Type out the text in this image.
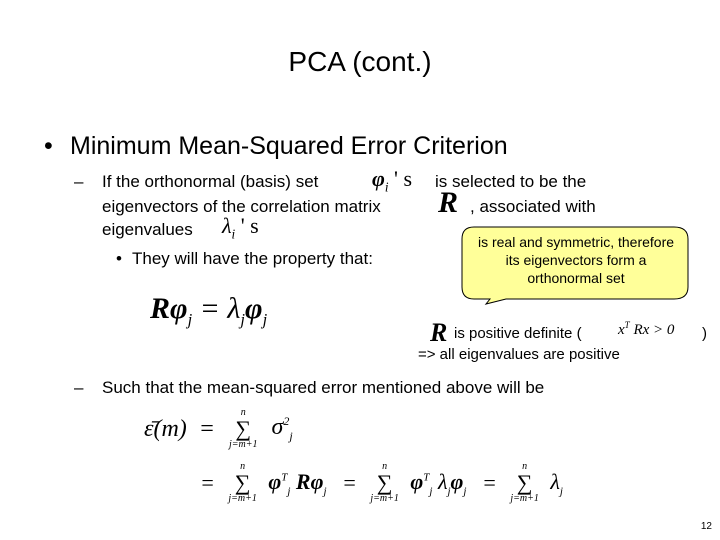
PCA (cont.)
• Minimum Mean-Squared Error Criterion
– If the orthonormal (basis) set $\varphi_i$ ' s is selected to be the
eigenvectors of the correlation matrix R , associated with
eigenvalues $\lambda_i$ ' s
• They will have the property that:
is real and symmetric, therefore its eigenvectors form a orthonormal set
$R\varphi_j = \lambda_j\varphi_j$	R is positive definite ( $x^T$ Rx > 0 )
=> all eigenvalues are positive
– Such that the mean-squared error mentioned above will be
ε̄(m) =
n
∑
j=m+1
$\sigma^2_j$
=
n
∑
j=m+1
$\varphi^T_j$ $R\varphi_j$ =
n
∑
j=m+1
$\varphi^T_j$ $\lambda_j\varphi_j$ =
n
∑
j=m+1
$\lambda_j$
12
